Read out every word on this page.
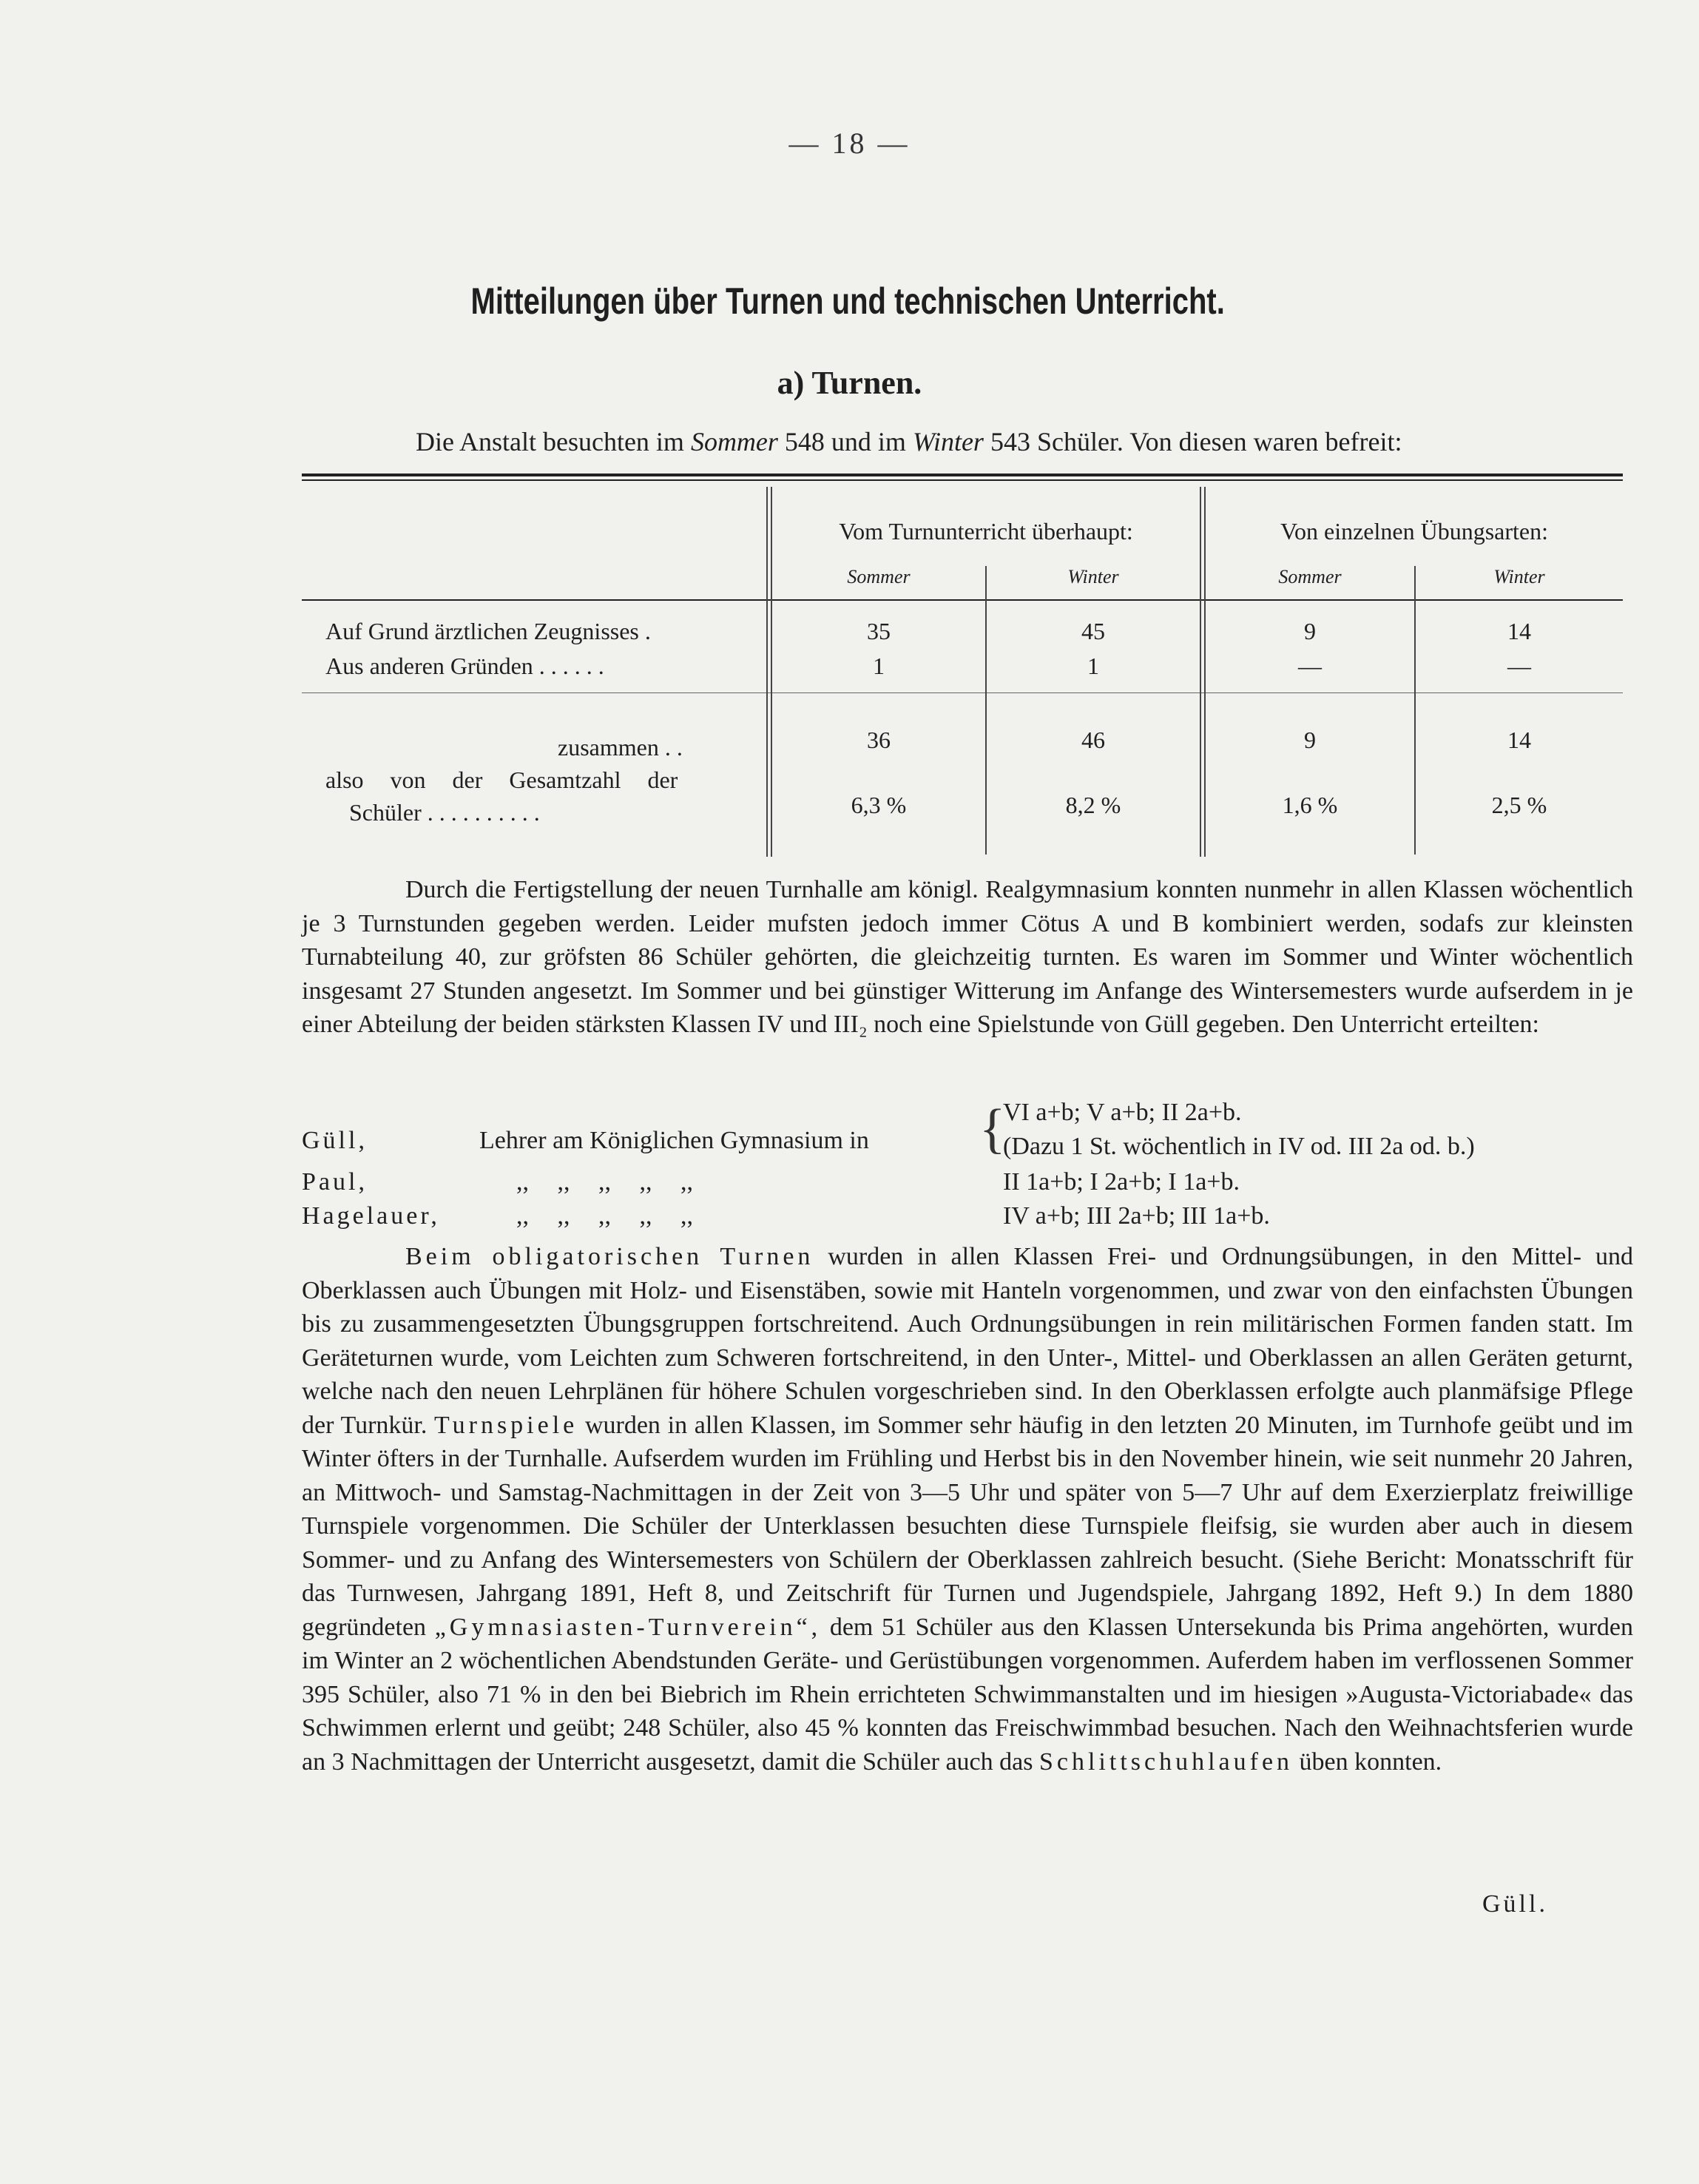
— 18 —
Mitteilungen über Turnen und technischen Unterricht.
a) Turnen.
Die Anstalt besuchten im Sommer 548 und im Winter 543 Schüler. Von diesen waren befreit:
Vom Turnunterricht überhaupt:	Von einzelnen Übungsarten:
Sommer	Winter	Sommer	Winter
Auf Grund ärztlichen Zeugnisses .	35	45	9	14
Aus anderen Gründen . . . . . .	1	1	—	—
zusammen . .	36	46	9	14
also von der Gesamtzahl der
Schüler . . . . . . . . . .	6,3 %	8,2 %	1,6 %	2,5 %

Durch die Fertigstellung der neuen Turnhalle am königl. Realgymnasium konnten nunmehr in allen Klassen wöchentlich je 3 Turnstunden gegeben werden. Leider mufsten jedoch immer Cötus A und B kombiniert werden, sodafs zur kleinsten Turnabteilung 40, zur gröfsten 86 Schüler gehörten, die gleichzeitig turnten. Es waren im Sommer und Winter wöchentlich insgesamt 27 Stunden angesetzt. Im Sommer und bei günstiger Witterung im Anfange des Wintersemesters wurde aufserdem in je einer Abteilung der beiden stärksten Klassen IV und III₂ noch eine Spielstunde von Güll gegeben. Den Unterricht erteilten:

Güll,	Lehrer am Königlichen Gymnasium in {
VI a+b; V a+b; II 2a+b.
(Dazu 1 St. wöchentlich in IV od. III 2a od. b.)
Paul,	,, ,, ,, ,, ,,	II 1a+b; I 2a+b; I 1a+b.
Hagelauer,	,, ,, ,, ,, ,,	IV a+b; III 2a+b; III 1a+b.

Beim obligatorischen Turnen wurden in allen Klassen Frei- und Ordnungsübungen, in den Mittel- und Oberklassen auch Übungen mit Holz- und Eisenstäben, sowie mit Hanteln vorgenommen, und zwar von den einfachsten Übungen bis zu zusammengesetzten Übungsgruppen fortschreitend. Auch Ordnungsübungen in rein militärischen Formen fanden statt. Im Geräteturnen wurde, vom Leichten zum Schweren fortschreitend, in den Unter-, Mittel- und Oberklassen an allen Geräten geturnt, welche nach den neuen Lehrplänen für höhere Schulen vorgeschrieben sind. In den Oberklassen erfolgte auch planmäfsige Pflege der Turnkür. Turnspiele wurden in allen Klassen, im Sommer sehr häufig in den letzten 20 Minuten, im Turnhofe geübt und im Winter öfters in der Turnhalle. Aufserdem wurden im Frühling und Herbst bis in den November hinein, wie seit nunmehr 20 Jahren, an Mittwoch- und Samstag-Nachmittagen in der Zeit von 3—5 Uhr und später von 5—7 Uhr auf dem Exerzierplatz freiwillige Turnspiele vorgenommen. Die Schüler der Unterklassen besuchten diese Turnspiele fleifsig, sie wurden aber auch in diesem Sommer- und zu Anfang des Wintersemesters von Schülern der Oberklassen zahlreich besucht. (Siehe Bericht: Monatsschrift für das Turnwesen, Jahrgang 1891, Heft 8, und Zeitschrift für Turnen und Jugendspiele, Jahrgang 1892, Heft 9.) In dem 1880 gegründeten „Gymnasiasten-Turnverein“, dem 51 Schüler aus den Klassen Untersekunda bis Prima angehörten, wurden im Winter an 2 wöchentlichen Abendstunden Geräte- und Gerüstübungen vorgenommen. Auferdem haben im verflossenen Sommer 395 Schüler, also 71 % in den bei Biebrich im Rhein errichteten Schwimmanstalten und im hiesigen »Augusta-Victoriabade« das Schwimmen erlernt und geübt; 248 Schüler, also 45 % konnten das Freischwimmbad besuchen. Nach den Weihnachtsferien wurde an 3 Nachmittagen der Unterricht ausgesetzt, damit die Schüler auch das Schlittschuhlaufen üben konnten.

Güll.
